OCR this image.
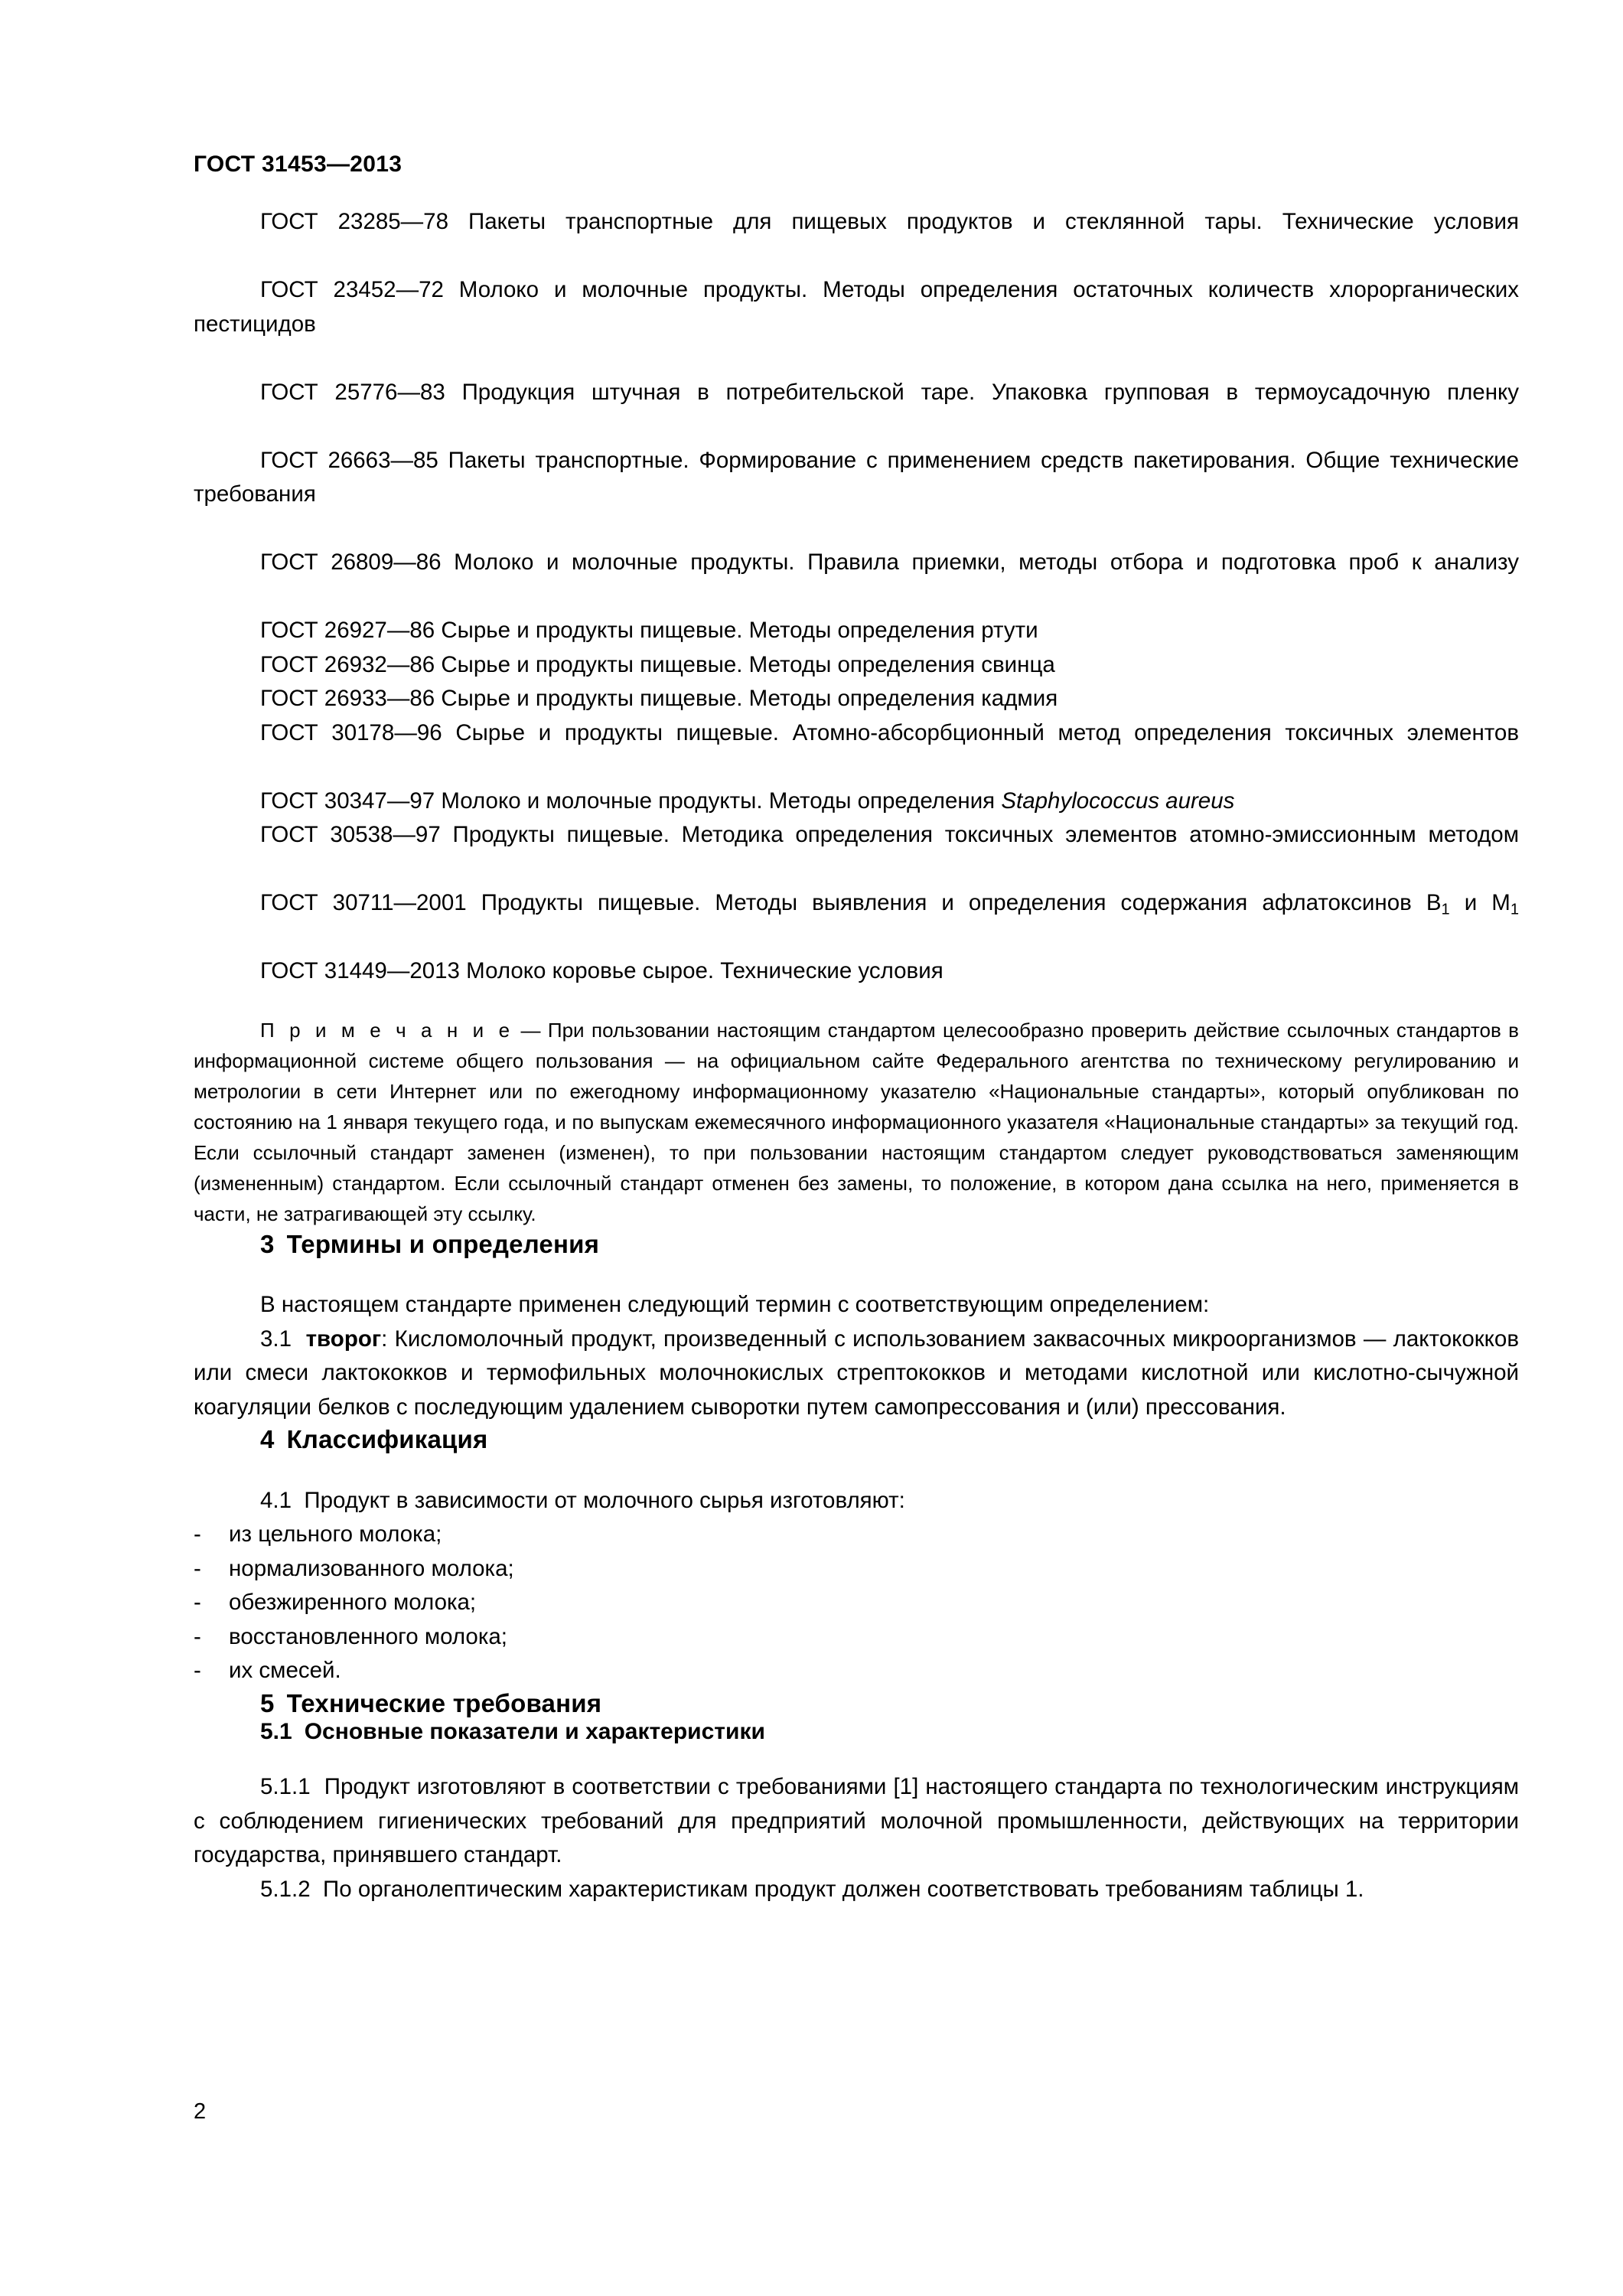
ГОСТ 31453—2013

ГОСТ 23285—78 Пакеты транспортные для пищевых продуктов и стеклянной тары. Технические условия

ГОСТ 23452—72 Молоко и молочные продукты. Методы определения остаточных количеств хлорорганических пестицидов

ГОСТ 25776—83 Продукция штучная в потребительской таре. Упаковка групповая в термоусадочную пленку

ГОСТ 26663—85 Пакеты транспортные. Формирование с применением средств пакетирования. Общие технические требования

ГОСТ 26809—86 Молоко и молочные продукты. Правила приемки, методы отбора и подготовка проб к анализу

ГОСТ 26927—86 Сырье и продукты пищевые. Методы определения ртути

ГОСТ 26932—86 Сырье и продукты пищевые. Методы определения свинца

ГОСТ 26933—86 Сырье и продукты пищевые. Методы определения кадмия

ГОСТ 30178—96 Сырье и продукты пищевые. Атомно-абсорбционный метод определения токсичных элементов

ГОСТ 30347—97 Молоко и молочные продукты. Методы определения Staphylococcus aureus

ГОСТ 30538—97 Продукты пищевые. Методика определения токсичных элементов атомно-эмиссионным методом

ГОСТ 30711—2001 Продукты пищевые. Методы выявления и определения содержания афлатоксинов $B_1$ и $M_1$

ГОСТ 31449—2013 Молоко коровье сырое. Технические условия

П р и м е ч а н и е — При пользовании настоящим стандартом целесообразно проверить действие ссылочных стандартов в информационной системе общего пользования — на официальном сайте Федерального агентства по техническому регулированию и метрологии в сети Интернет или по ежегодному информационному указателю «Национальные стандарты», который опубликован по состоянию на 1 января текущего года, и по выпускам ежемесячного информационного указателя «Национальные стандарты» за текущий год. Если ссылочный стандарт заменен (изменен), то при пользовании настоящим стандартом следует руководствоваться заменяющим (измененным) стандартом. Если ссылочный стандарт отменен без замены, то положение, в котором дана ссылка на него, применяется в части, не затрагивающей эту ссылку.

3 Термины и определения

В настоящем стандарте применен следующий термин с соответствующим определением:

3.1 творог: Кисломолочный продукт, произведенный с использованием заквасочных микроорганизмов — лактококков или смеси лактококков и термофильных молочнокислых стрептококков и методами кислотной или кислотно-сычужной коагуляции белков с последующим удалением сыворотки путем самопрессования и (или) прессования.

4 Классификация

4.1 Продукт в зависимости от молочного сырья изготовляют:

- из цельного молока;
- нормализованного молока;
- обезжиренного молока;
- восстановленного молока;
- их смесей.
5 Технические требования
5.1 Основные показатели и характеристики

5.1.1 Продукт изготовляют в соответствии с требованиями [1] настоящего стандарта по технологическим инструкциям с соблюдением гигиенических требований для предприятий молочной промышленности, действующих на территории государства, принявшего стандарт.

5.1.2 По органолептическим характеристикам продукт должен соответствовать требованиям таблицы 1.

2
